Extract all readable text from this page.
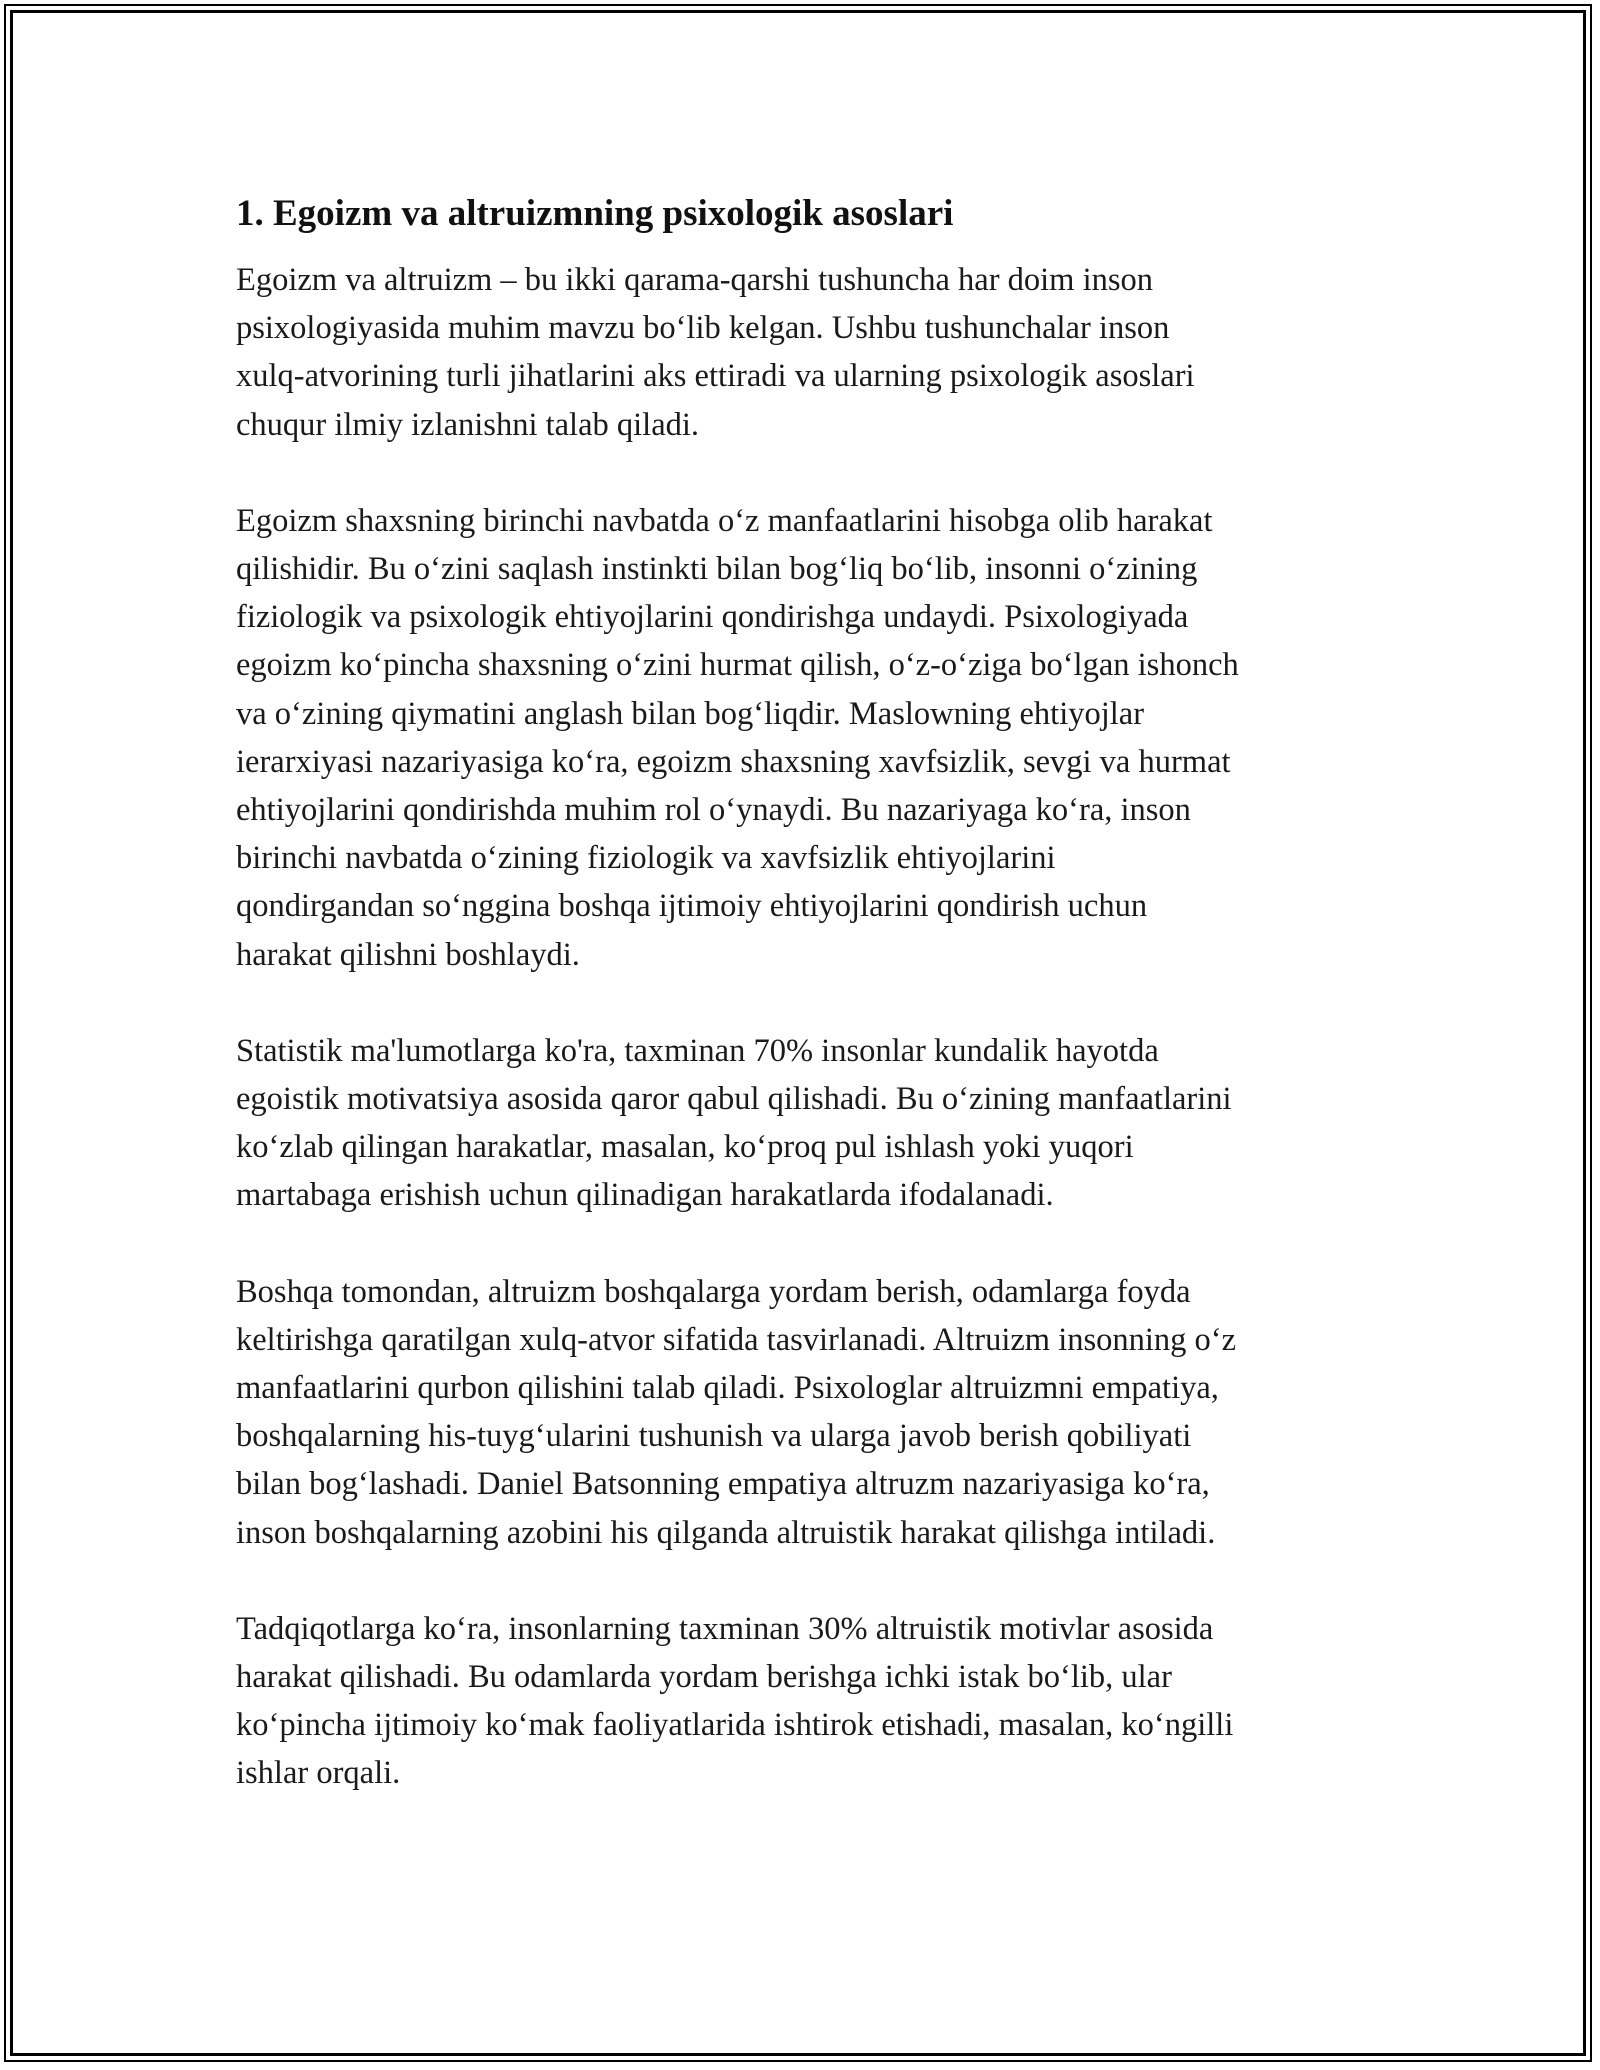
1. Egoizm va altruizmning psixologik asoslari

Egoizm va altruizm – bu ikki qarama-qarshi tushuncha har doim inson
psixologiyasida muhim mavzu boʻlib kelgan. Ushbu tushunchalar inson
xulq-atvorining turli jihatlarini aks ettiradi va ularning psixologik asoslari
chuqur ilmiy izlanishni talab qiladi.

Egoizm shaxsning birinchi navbatda oʻz manfaatlarini hisobga olib harakat
qilishidir. Bu oʻzini saqlash instinkti bilan bogʻliq boʻlib, insonni oʻzining
fiziologik va psixologik ehtiyojlarini qondirishga undaydi. Psixologiyada
egoizm koʻpincha shaxsning oʻzini hurmat qilish, oʻz-oʻziga boʻlgan ishonch
va oʻzining qiymatini anglash bilan bogʻliqdir. Maslowning ehtiyojlar
ierarxiyasi nazariyasiga koʻra, egoizm shaxsning xavfsizlik, sevgi va hurmat
ehtiyojlarini qondirishda muhim rol oʻynaydi. Bu nazariyaga koʻra, inson
birinchi navbatda oʻzining fiziologik va xavfsizlik ehtiyojlarini
qondirgandan soʻnggina boshqa ijtimoiy ehtiyojlarini qondirish uchun
harakat qilishni boshlaydi.

Statistik ma'lumotlarga ko'ra, taxminan 70% insonlar kundalik hayotda
egoistik motivatsiya asosida qaror qabul qilishadi. Bu oʻzining manfaatlarini
koʻzlab qilingan harakatlar, masalan, koʻproq pul ishlash yoki yuqori
martabaga erishish uchun qilinadigan harakatlarda ifodalanadi.

Boshqa tomondan, altruizm boshqalarga yordam berish, odamlarga foyda
keltirishga qaratilgan xulq-atvor sifatida tasvirlanadi. Altruizm insonning oʻz
manfaatlarini qurbon qilishini talab qiladi. Psixologlar altruizmni empatiya,
boshqalarning his-tuygʻularini tushunish va ularga javob berish qobiliyati
bilan bogʻlashadi. Daniel Batsonning empatiya altruzm nazariyasiga koʻra,
inson boshqalarning azobini his qilganda altruistik harakat qilishga intiladi.

Tadqiqotlarga koʻra, insonlarning taxminan 30% altruistik motivlar asosida
harakat qilishadi. Bu odamlarda yordam berishga ichki istak boʻlib, ular
koʻpincha ijtimoiy koʻmak faoliyatlarida ishtirok etishadi, masalan, koʻngilli
ishlar orqali.
